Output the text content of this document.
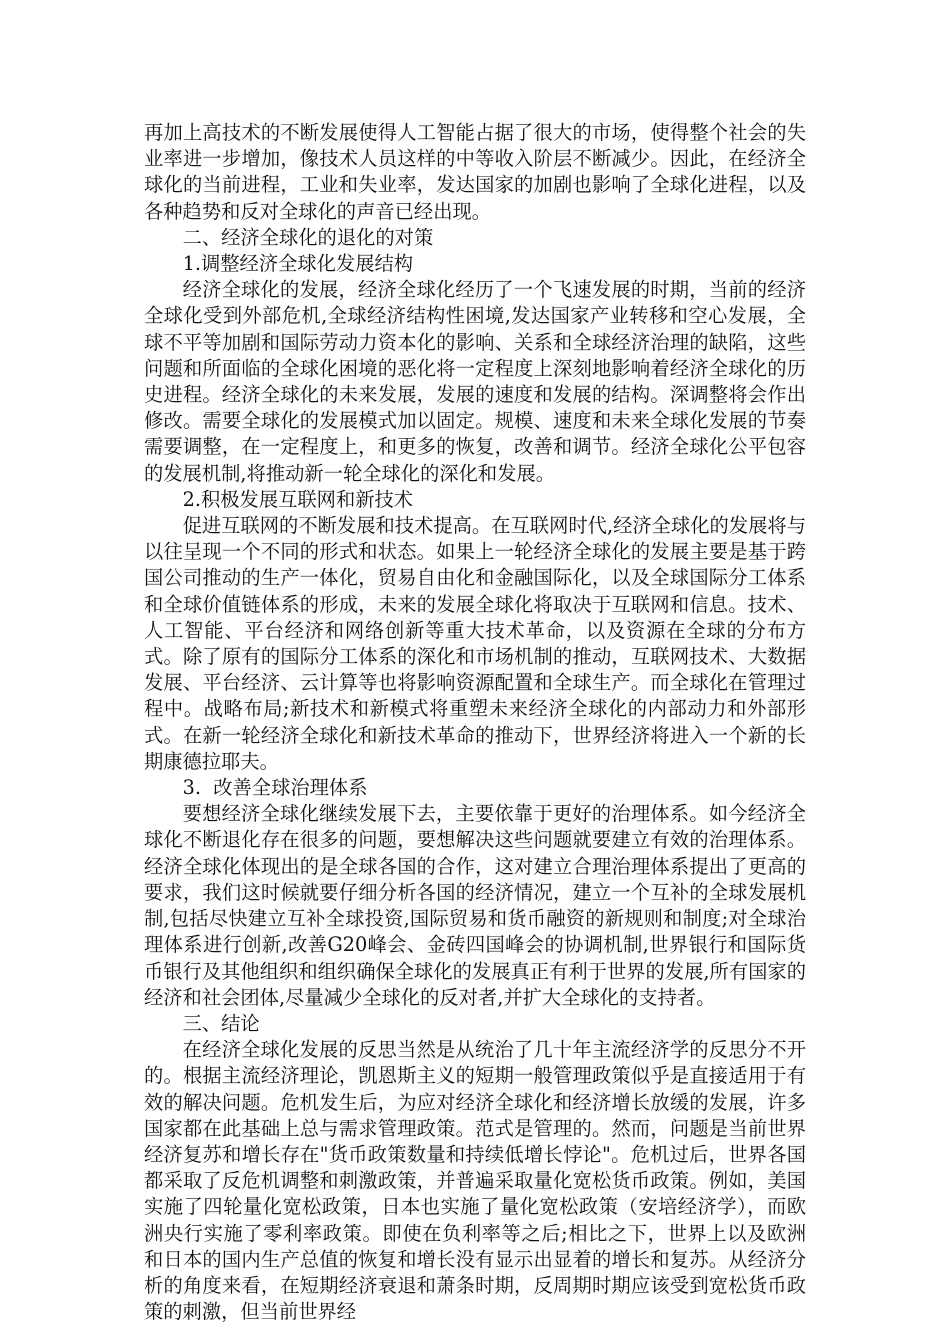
再加上高技术的不断发展使得人工智能占据了很大的市场，使得整个社会的失业率进一步增加，像技术人员这样的中等收入阶层不断减少。因此，在经济全球化的当前进程，工业和失业率，发达国家的加剧也影响了全球化进程，以及各种趋势和反对全球化的声音已经出现。

二、经济全球化的退化的对策

1.调整经济全球化发展结构

经济全球化的发展，经济全球化经历了一个飞速发展的时期，当前的经济全球化受到外部危机,全球经济结构性困境,发达国家产业转移和空心发展，全球不平等加剧和国际劳动力资本化的影响、关系和全球经济治理的缺陷，这些问题和所面临的全球化困境的恶化将一定程度上深刻地影响着经济全球化的历史进程。经济全球化的未来发展，发展的速度和发展的结构。深调整将会作出修改。需要全球化的发展模式加以固定。规模、速度和未来全球化发展的节奏需要调整，在一定程度上，和更多的恢复，改善和调节。经济全球化公平包容的发展机制,将推动新一轮全球化的深化和发展。

2.积极发展互联网和新技术

促进互联网的不断发展和技术提高。在互联网时代,经济全球化的发展将与以往呈现一个不同的形式和状态。如果上一轮经济全球化的发展主要是基于跨国公司推动的生产一体化，贸易自由化和金融国际化，以及全球国际分工体系和全球价值链体系的形成，未来的发展全球化将取决于互联网和信息。技术、人工智能、平台经济和网络创新等重大技术革命，以及资源在全球的分布方式。除了原有的国际分工体系的深化和市场机制的推动，互联网技术、大数据发展、平台经济、云计算等也将影响资源配置和全球生产。而全球化在管理过程中。战略布局;新技术和新模式将重塑未来经济全球化的内部动力和外部形式。在新一轮经济全球化和新技术革命的推动下，世界经济将进入一个新的长期康德拉耶夫。

3.  改善全球治理体系

要想经济全球化继续发展下去，主要依靠于更好的治理体系。如今经济全球化不断退化存在很多的问题，要想解决这些问题就要建立有效的治理体系。经济全球化体现出的是全球各国的合作，这对建立合理治理体系提出了更高的要求，我们这时候就要仔细分析各国的经济情况，建立一个互补的全球发展机制,包括尽快建立互补全球投资,国际贸易和货币融资的新规则和制度;对全球治理体系进行创新,改善G20峰会、金砖四国峰会的协调机制,世界银行和国际货币银行及其他组织和组织确保全球化的发展真正有利于世界的发展,所有国家的经济和社会团体,尽量减少全球化的反对者,并扩大全球化的支持者。

三、结论

在经济全球化发展的反思当然是从统治了几十年主流经济学的反思分不开的。根据主流经济理论，凯恩斯主义的短期一般管理政策似乎是直接适用于有效的解决问题。危机发生后，为应对经济全球化和经济增长放缓的发展，许多国家都在此基础上总与需求管理政策。范式是管理的。然而，问题是当前世界经济复苏和增长存在"货币政策数量和持续低增长悖论"。危机过后，世界各国都采取了反危机调整和刺激政策，并普遍采取量化宽松货币政策。例如，美国实施了四轮量化宽松政策，日本也实施了量化宽松政策（安培经济学），而欧洲央行实施了零利率政策。即使在负利率等之后;相比之下，世界上以及欧洲和日本的国内生产总值的恢复和增长没有显示出显着的增长和复苏。从经济分析的角度来看，在短期经济衰退和萧条时期，反周期时期应该受到宽松货币政策的刺激，但当前世界经
